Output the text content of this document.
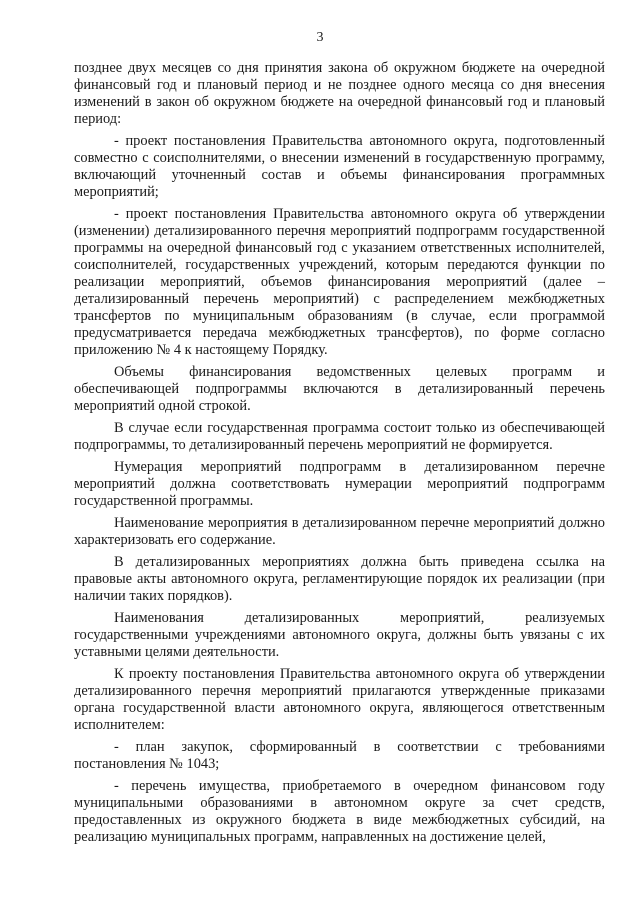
3

позднее двух месяцев со дня принятия закона об окружном бюджете на очередной финансовый год и плановый период и не позднее одного месяца со дня внесения изменений в закон об окружном бюджете на очередной финансовый год и плановый период:

- проект постановления Правительства автономного округа, подготовленный совместно с соисполнителями, о внесении изменений в государственную программу, включающий уточненный состав и объемы финансирования программных мероприятий;

- проект постановления Правительства автономного округа об утверждении (изменении) детализированного перечня мероприятий подпрограмм государственной программы на очередной финансовый год с указанием ответственных исполнителей, соисполнителей, государственных учреждений, которым передаются функции по реализации мероприятий, объемов финансирования мероприятий (далее – детализированный перечень мероприятий) с распределением межбюджетных трансфертов по муниципальным образованиям (в случае, если программой предусматривается передача межбюджетных трансфертов), по форме согласно приложению № 4 к настоящему Порядку.

Объемы финансирования ведомственных целевых программ и обеспечивающей подпрограммы включаются в детализированный перечень мероприятий одной строкой.

В случае если государственная программа состоит только из обеспечивающей подпрограммы, то детализированный перечень мероприятий не формируется.

Нумерация мероприятий подпрограмм в детализированном перечне мероприятий должна соответствовать нумерации мероприятий подпрограмм государственной программы.

Наименование мероприятия в детализированном перечне мероприятий должно характеризовать его содержание.

В детализированных мероприятиях должна быть приведена ссылка на правовые акты автономного округа, регламентирующие порядок их реализации (при наличии таких порядков).

Наименования детализированных мероприятий, реализуемых государственными учреждениями автономного округа, должны быть увязаны с их уставными целями деятельности.

К проекту постановления Правительства автономного округа об утверждении детализированного перечня мероприятий прилагаются утвержденные приказами органа государственной власти автономного округа, являющегося ответственным исполнителем:

- план закупок, сформированный в соответствии с требованиями постановления № 1043;

- перечень имущества, приобретаемого в очередном финансовом году муниципальными образованиями в автономном округе за счет средств, предоставленных из окружного бюджета в виде межбюджетных субсидий, на реализацию муниципальных программ, направленных на достижение целей,
